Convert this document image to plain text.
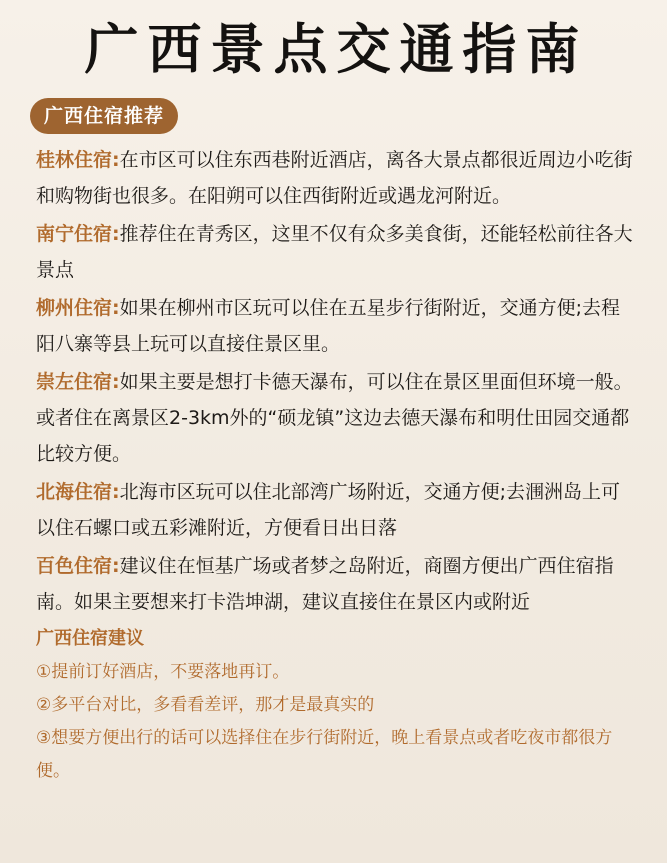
广西景点交通指南
广西住宿推荐

桂林住宿:在市区可以住东西巷附近酒店，离各大景点都很近周边小吃街和购物街也很多。在阳朔可以住西街附近或遇龙河附近。

南宁住宿:推荐住在青秀区，这里不仅有众多美食街，还能轻松前往各大景点

柳州住宿:如果在柳州市区玩可以住在五星步行街附近，交通方便;去程阳八寨等县上玩可以直接住景区里。

崇左住宿:如果主要是想打卡德天瀑布，可以住在景区里面但环境一般。或者住在离景区2-3km外的“硕龙镇”这边去德天瀑布和明仕田园交通都比较方便。

北海住宿:北海市区玩可以住北部湾广场附近，交通方便;去涠洲岛上可以住石螺口或五彩滩附近，方便看日出日落

百色住宿:建议住在恒基广场或者梦之岛附近，商圈方便出广西住宿指南。如果主要想来打卡浩坤湖，建议直接住在景区内或附近

广西住宿建议
①提前订好酒店，不要落地再订。
②多平台对比，多看看差评，那才是最真实的
③想要方便出行的话可以选择住在步行街附近，晚上看景点或者吃夜市都很方便。
